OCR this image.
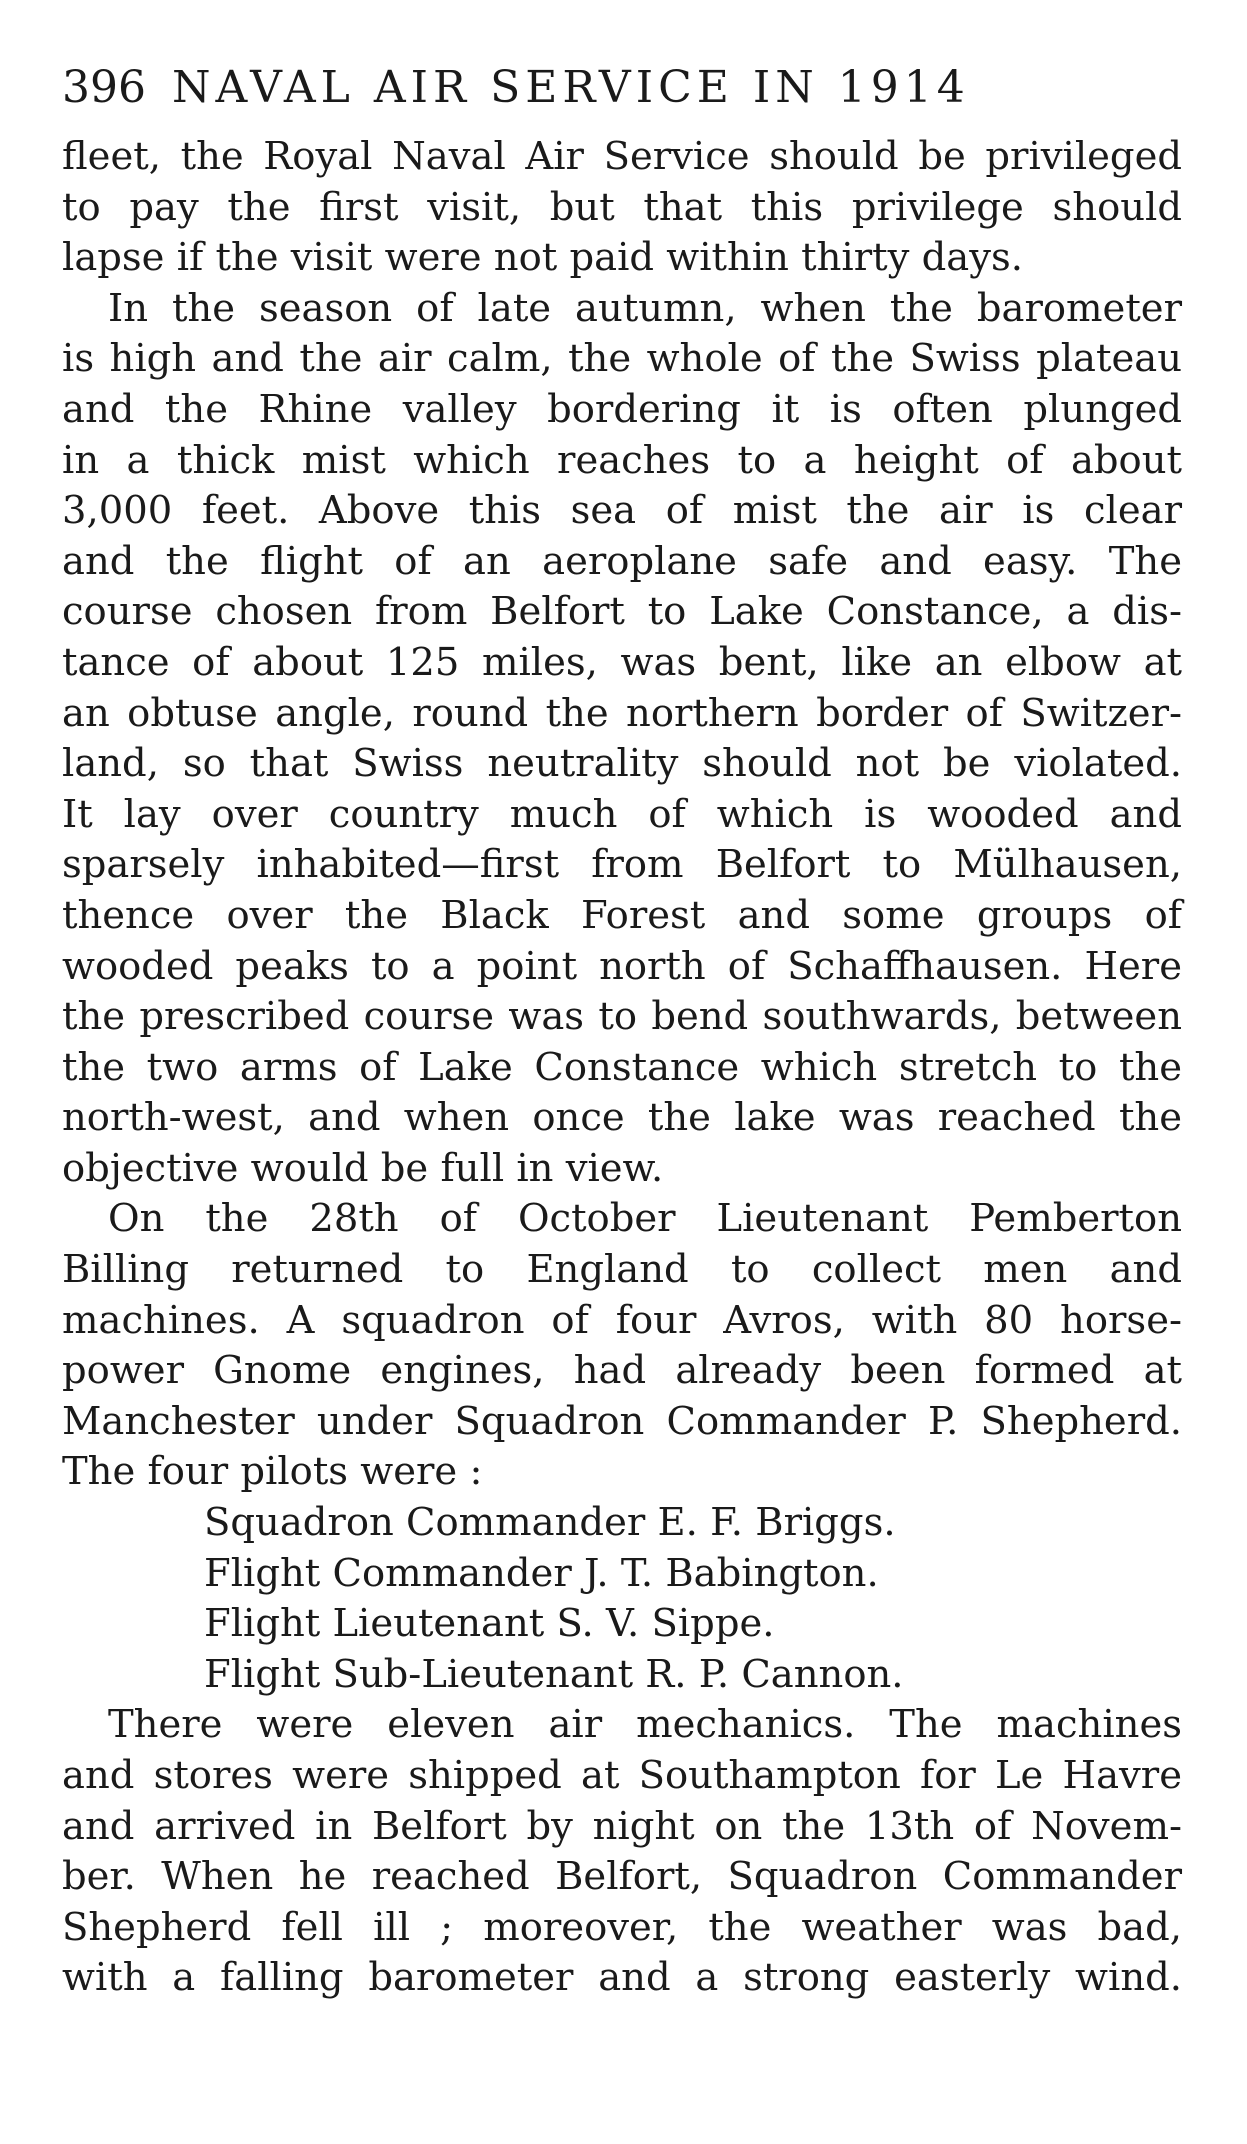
396 NAVAL AIR SERVICE IN 1914
fleet, the Royal Naval Air Service should be privileged
to pay the first visit, but that this privilege should
lapse if the visit were not paid within thirty days.
In the season of late autumn, when the barometer
is high and the air calm, the whole of the Swiss plateau
and the Rhine valley bordering it is often plunged
in a thick mist which reaches to a height of about
3,000 feet. Above this sea of mist the air is clear
and the flight of an aeroplane safe and easy. The
course chosen from Belfort to Lake Constance, a dis-
tance of about 125 miles, was bent, like an elbow at
an obtuse angle, round the northern border of Switzer-
land, so that Swiss neutrality should not be violated.
It lay over country much of which is wooded and
sparsely inhabited—first from Belfort to Mülhausen,
thence over the Black Forest and some groups of
wooded peaks to a point north of Schaffhausen. Here
the prescribed course was to bend southwards, between
the two arms of Lake Constance which stretch to the
north-west, and when once the lake was reached the
objective would be full in view.
On the 28th of October Lieutenant Pemberton
Billing returned to England to collect men and
machines. A squadron of four Avros, with 80 horse-
power Gnome engines, had already been formed at
Manchester under Squadron Commander P. Shepherd.
The four pilots were :
Squadron Commander E. F. Briggs.
Flight Commander J. T. Babington.
Flight Lieutenant S. V. Sippe.
Flight Sub-Lieutenant R. P. Cannon.
There were eleven air mechanics. The machines
and stores were shipped at Southampton for Le Havre
and arrived in Belfort by night on the 13th of Novem-
ber. When he reached Belfort, Squadron Commander
Shepherd fell ill ; moreover, the weather was bad,
with a falling barometer and a strong easterly wind.
